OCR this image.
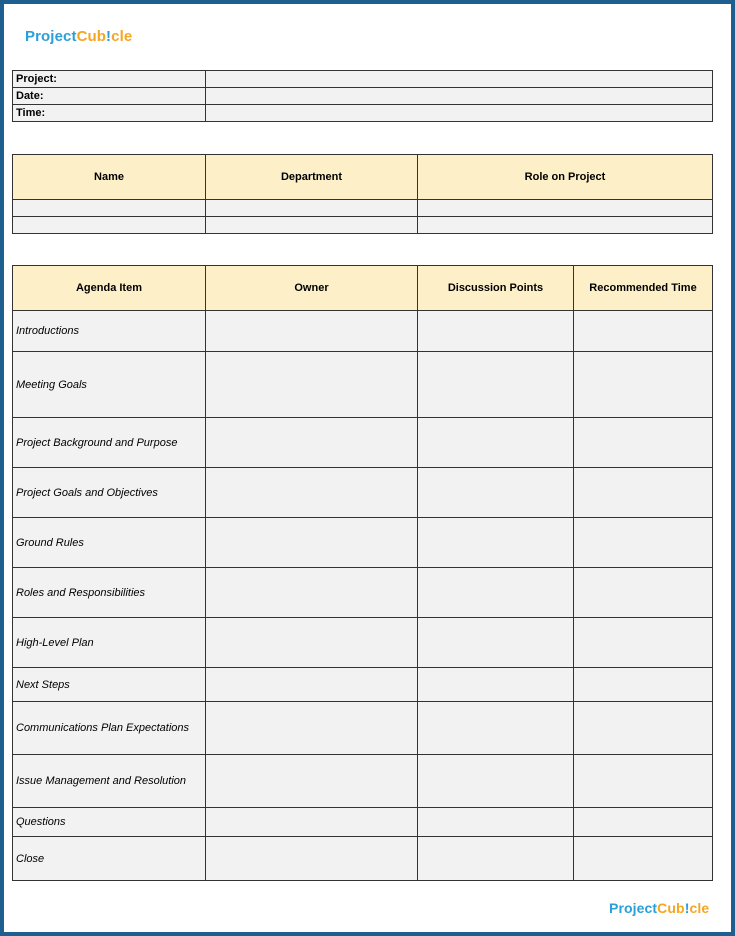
ProjectCub!cle
Project:	
Date:	
Time:	
Name	Department	Role on Project

Agenda Item	Owner	Discussion Points	Recommended Time
Introductions			
Meeting Goals			
Project Background and Purpose			
Project Goals and Objectives			
Ground Rules			
Roles and Responsibilities			
High-Level Plan			
Next Steps			
Communications Plan Expectations			
Issue Management and Resolution			
Questions			
Close			
ProjectCub!cle
